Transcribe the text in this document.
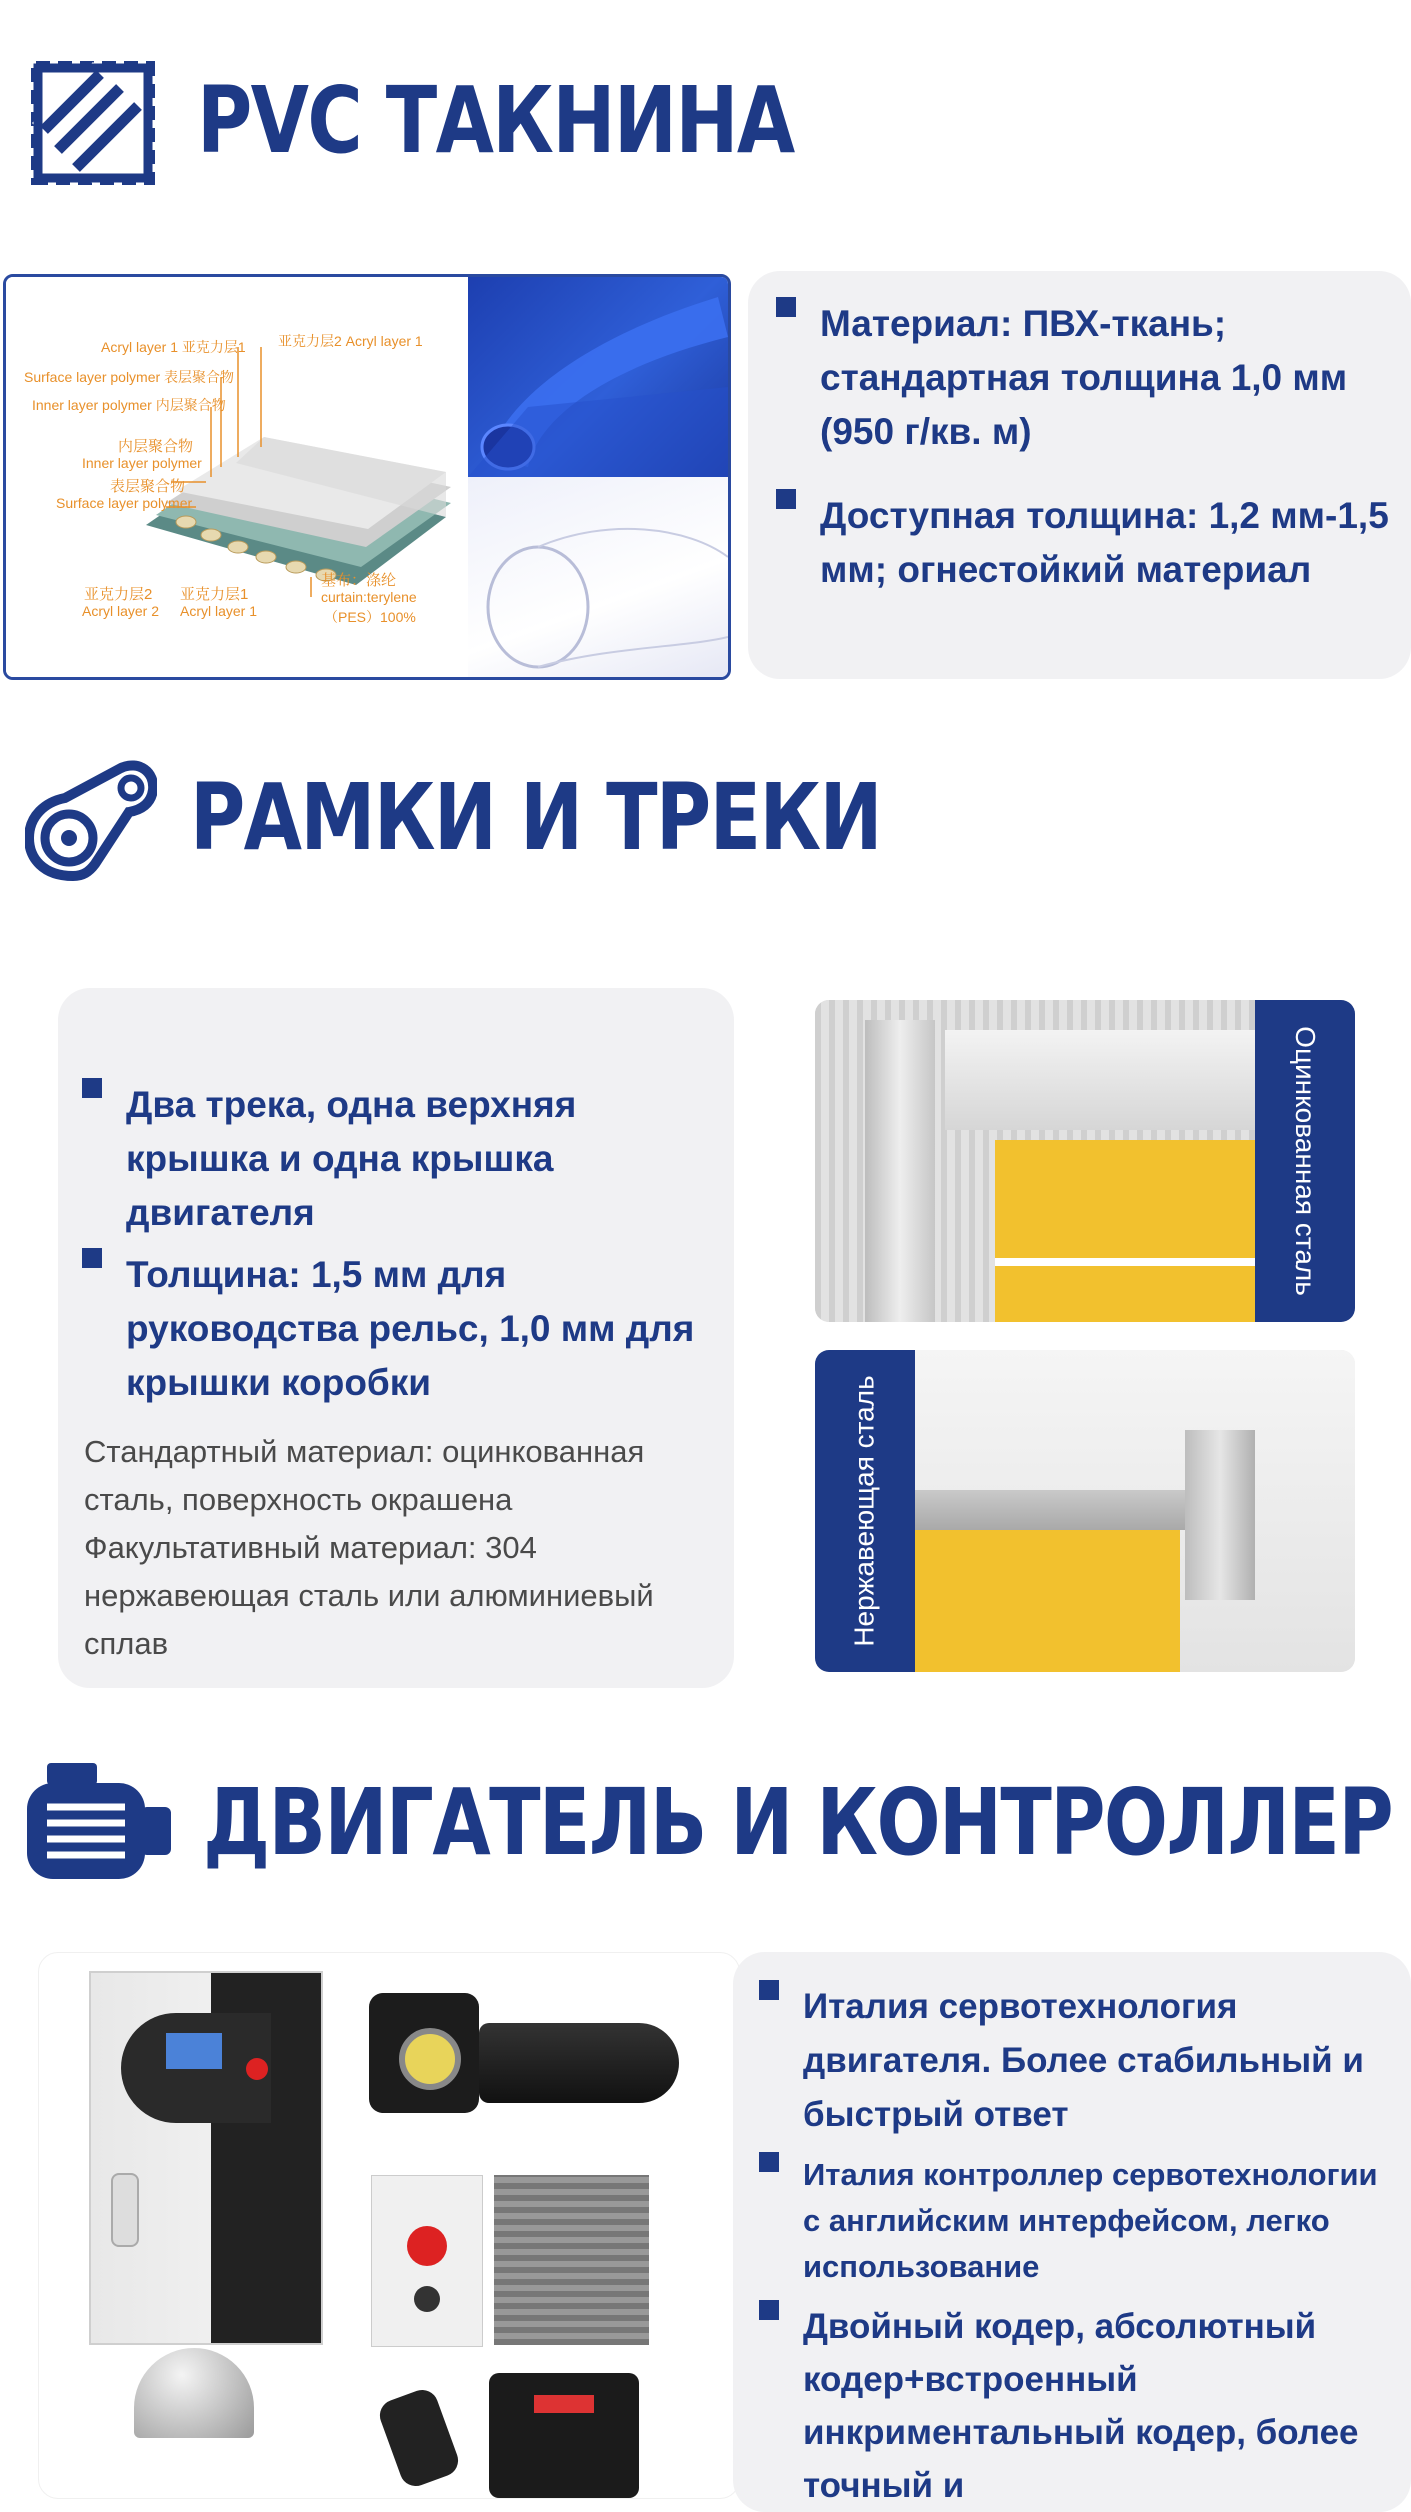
PVC ТАКНИНА
Acryl layer 1 亚克力层1 亚克力层2 Acryl layer 1
Surface layer polymer 表层聚合物
Inner layer polymer 内层聚合物
内层聚合物
Inner layer polymer
表层聚合物
Surface layer polymer
亚克力层2
Acryl layer 2
亚克力层1
Acryl layer 1
基布：涤纶
curtain:terylene
（PES）100%
Материал: ПВХ-ткань; стандартная толщина 1,0 мм (950 г/кв. м)
Доступная толщина: 1,2 мм-1,5 мм; огнестойкий материал
РАМКИ И ТРЕКИ
Два трека, одна верхняя крышка и одна крышка двигателя
Толщина: 1,5 мм для руководства рельс, 1,0 мм для крышки коробки
Стандартный материал: оцинкованная сталь, поверхность окрашена
Факультативный материал: 304 нержавеющая сталь или алюминиевый сплав
Оцинкованная сталь
Нержавеющая сталь
ДВИГАТЕЛЬ И КОНТРОЛЛЕР
Италия сервотехнология двигателя. Более стабильный и быстрый ответ
Италия контроллер сервотехнологии с английским интерфейсом, легко использование
Двойный кодер, абсолютный кодер+встроенный инкриментальный кодер, более точный и
